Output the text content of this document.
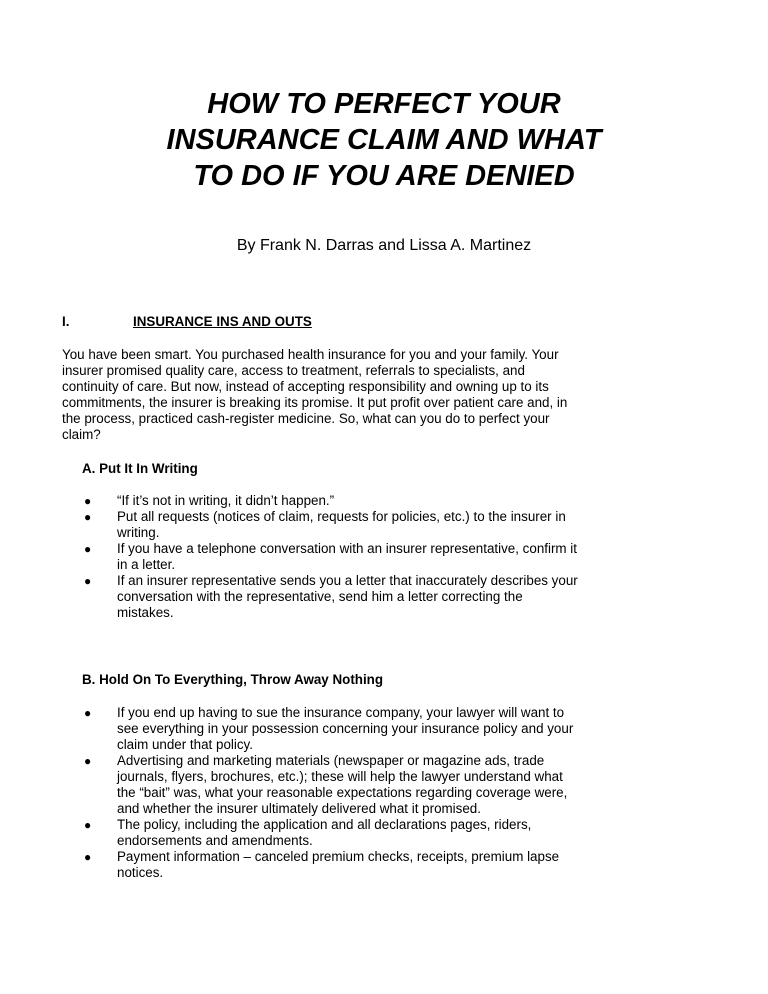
HOW TO PERFECT YOUR
INSURANCE CLAIM AND WHAT
TO DO IF YOU ARE DENIED
By Frank N. Darras and Lissa A. Martinez
I.	INSURANCE INS AND OUTS
You have been smart. You purchased health insurance for you and your family. Your
insurer promised quality care, access to treatment, referrals to specialists, and
continuity of care. But now, instead of accepting responsibility and owning up to its
commitments, the insurer is breaking its promise. It put profit over patient care and, in
the process, practiced cash-register medicine. So, what can you do to perfect your
claim?
A. Put It In Writing
● “If it’s not in writing, it didn’t happen.”
● Put all requests (notices of claim, requests for policies, etc.) to the insurer in
writing.
● If you have a telephone conversation with an insurer representative, confirm it
in a letter.
● If an insurer representative sends you a letter that inaccurately describes your
conversation with the representative, send him a letter correcting the
mistakes.
B. Hold On To Everything, Throw Away Nothing
● If you end up having to sue the insurance company, your lawyer will want to
see everything in your possession concerning your insurance policy and your
claim under that policy.
● Advertising and marketing materials (newspaper or magazine ads, trade
journals, flyers, brochures, etc.); these will help the lawyer understand what
the “bait” was, what your reasonable expectations regarding coverage were,
and whether the insurer ultimately delivered what it promised.
● The policy, including the application and all declarations pages, riders,
endorsements and amendments.
● Payment information – canceled premium checks, receipts, premium lapse
notices.
